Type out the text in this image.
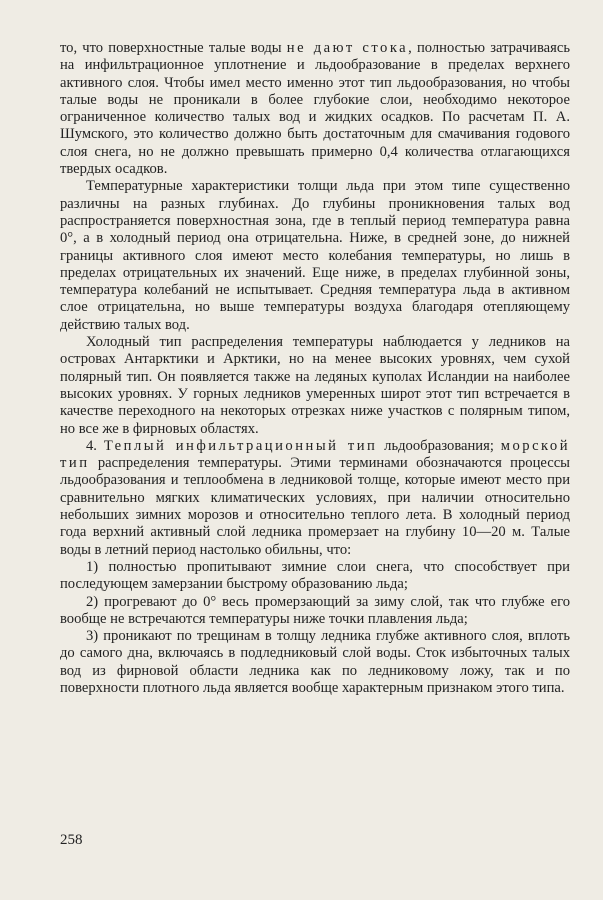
то, что поверхностные талые воды не дают стока, полностью затрачиваясь на инфильтрационное уплотнение и льдообразование в пределах верхнего активного слоя. Чтобы имел место именно этот тип льдообразования, но чтобы талые воды не проникали в более глубокие слои, необходимо некоторое ограниченное количество талых вод и жидких осадков. По расчетам П. А. Шумского, это количество должно быть достаточным для смачивания годового слоя снега, но не должно превышать примерно 0,4 количества отлагающихся твердых осадков.

Температурные характеристики толщи льда при этом типе существенно различны на разных глубинах. До глубины проникновения талых вод распространяется поверхностная зона, где в теплый период температура равна 0°, а в холодный период она отрицательна. Ниже, в средней зоне, до нижней границы активного слоя имеют место колебания температуры, но лишь в пределах отрицательных их значений. Еще ниже, в пределах глубинной зоны, температура колебаний не испытывает. Средняя температура льда в активном слое отрицательна, но выше температуры воздуха благодаря отепляющему действию талых вод.

Холодный тип распределения температуры наблюдается у ледников на островах Антарктики и Арктики, но на менее высоких уровнях, чем сухой полярный тип. Он появляется также на ледяных куполах Исландии на наиболее высоких уровнях. У горных ледников умеренных широт этот тип встречается в качестве переходного на некоторых отрезках ниже участков с полярным типом, но все же в фирновых областях.

4. Теплый инфильтрационный тип льдообразования; морской тип распределения температуры. Этими терминами обозначаются процессы льдообразования и теплообмена в ледниковой толще, которые имеют место при сравнительно мягких климатических условиях, при наличии относительно небольших зимних морозов и относительно теплого лета. В холодный период года верхний активный слой ледника промерзает на глубину 10—20 м. Талые воды в летний период настолько обильны, что:

1) полностью пропитывают зимние слои снега, что способствует при последующем замерзании быстрому образованию льда;

2) прогревают до 0° весь промерзающий за зиму слой, так что глубже его вообще не встречаются температуры ниже точки плавления льда;

3) проникают по трещинам в толщу ледника глубже активного слоя, вплоть до самого дна, включаясь в подледниковый слой воды. Сток избыточных талых вод из фирновой области ледника как по ледниковому ложу, так и по поверхности плотного льда является вообще характерным признаком этого типа.

258
